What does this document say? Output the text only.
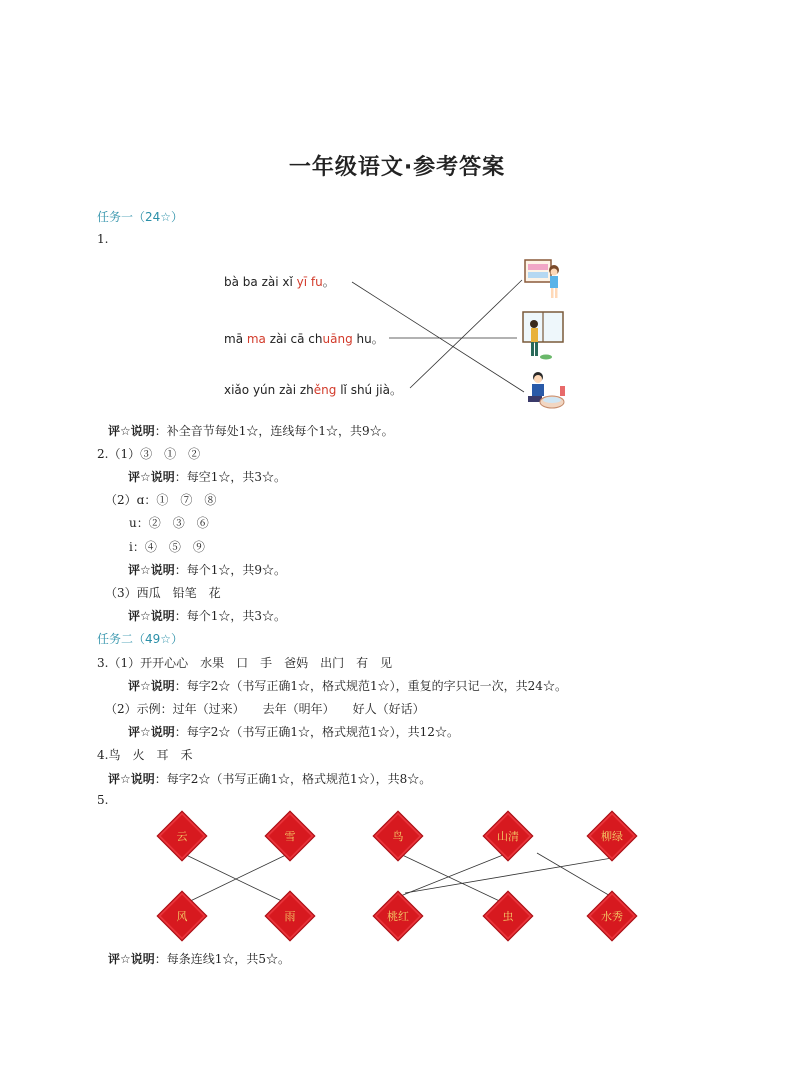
一年级语文·参考答案
任务一（24☆）
1.
bà ba zài xǐ yī fu。
mā ma zài cā chuāng hu。
xiǎo yún zài zhěng lǐ shú jià。
评☆说明：补全音节每处1☆，连线每个1☆，共9☆。
2.（1）③　①　②
评☆说明：每空1☆，共3☆。
（2）ɑ：①　⑦　⑧
u：②　③　⑥
i：④　⑤　⑨
评☆说明：每个1☆，共9☆。
（3）西瓜　铅笔　花
评☆说明：每个1☆，共3☆。
任务二（49☆）
3.（1）开开心心　水果　口　手　爸妈　出门　有　见
评☆说明：每字2☆（书写正确1☆，格式规范1☆），重复的字只记一次，共24☆。
（2）示例：过年（过来）　　去年（明年）　　好人（好话）
评☆说明：每字2☆（书写正确1☆，格式规范1☆），共12☆。
4.鸟　火　耳　禾
评☆说明：每字2☆（书写正确1☆，格式规范1☆），共8☆。
5.
云	雪	鸟	山清	柳绿
风	雨	桃红	虫	水秀
评☆说明：每条连线1☆，共5☆。
